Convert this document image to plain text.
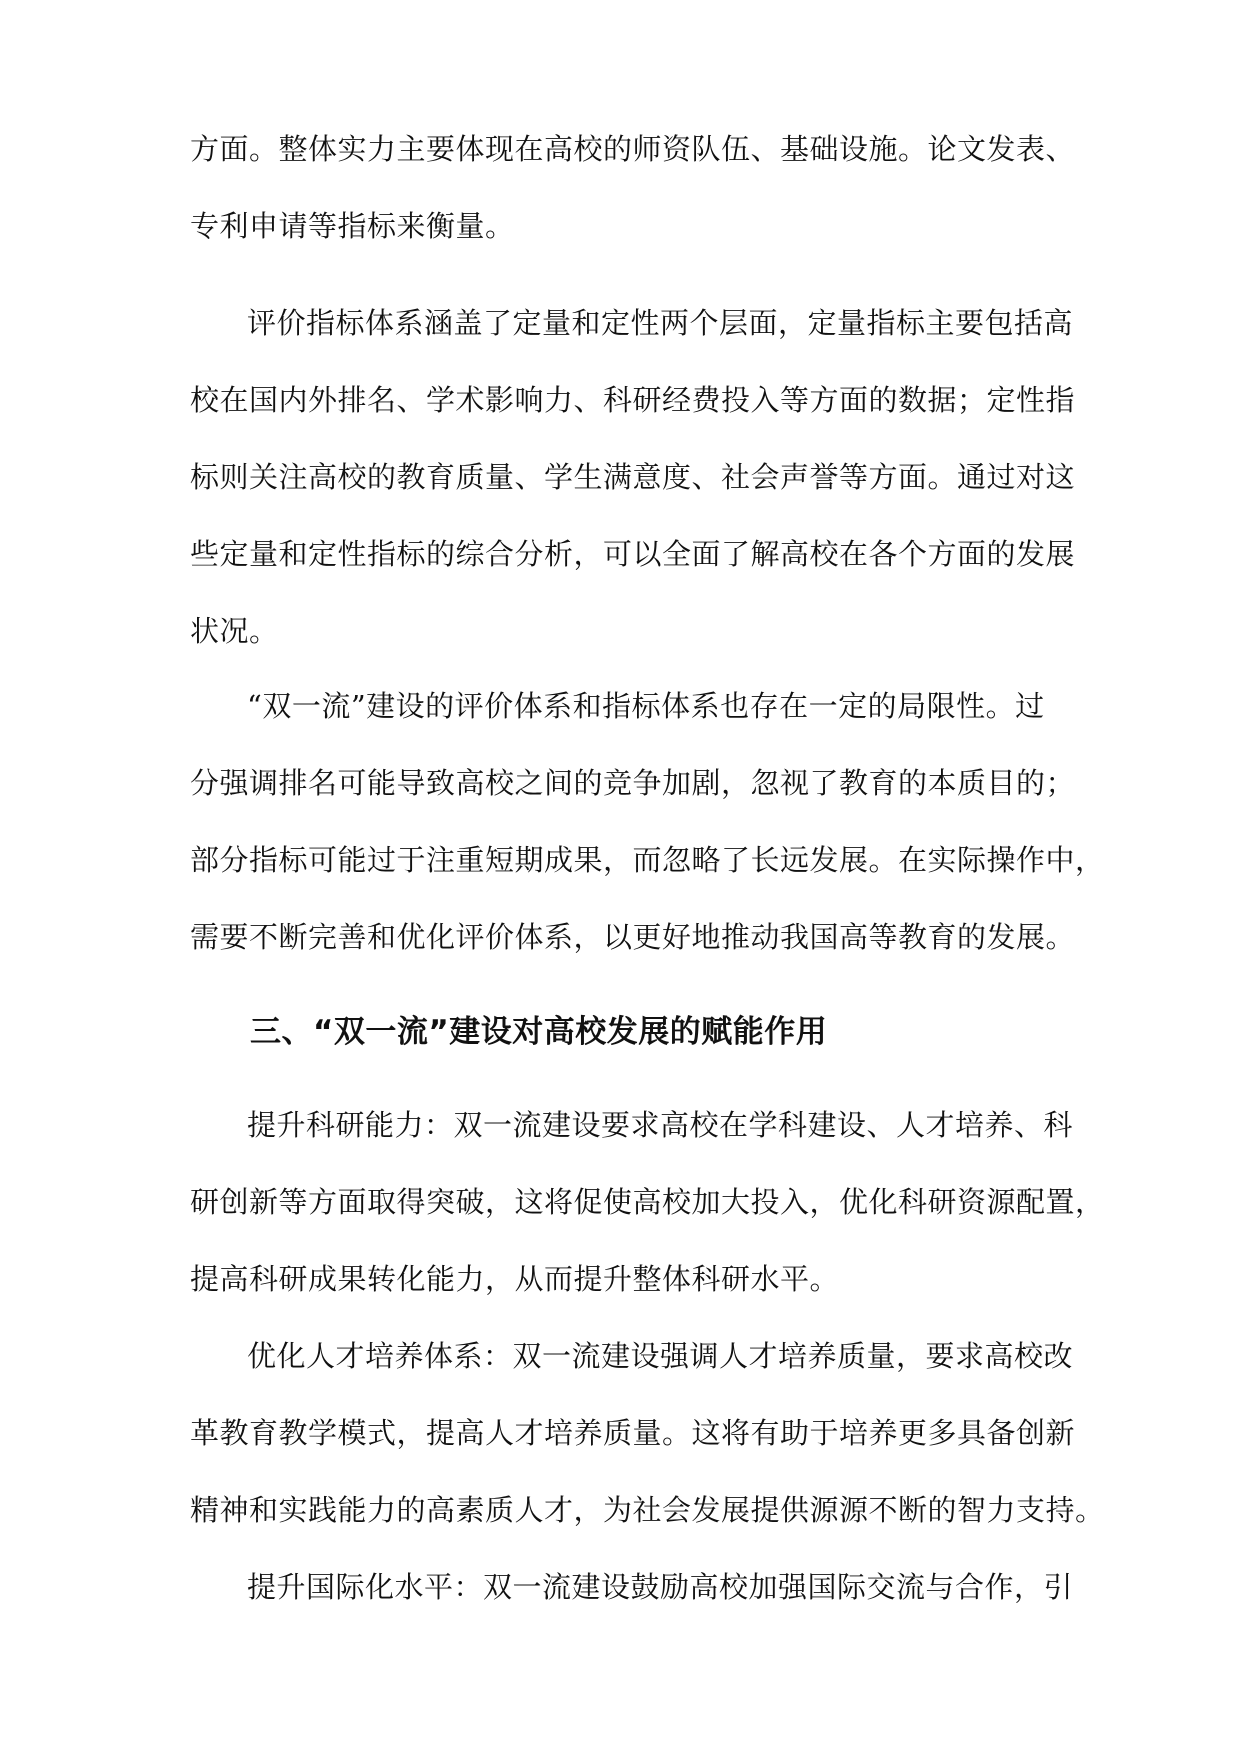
方面。整体实力主要体现在高校的师资队伍、基础设施。论文发表、
专利申请等指标来衡量。
评价指标体系涵盖了定量和定性两个层面，定量指标主要包括高
校在国内外排名、学术影响力、科研经费投入等方面的数据；定性指
标则关注高校的教育质量、学生满意度、社会声誉等方面。通过对这
些定量和定性指标的综合分析，可以全面了解高校在各个方面的发展
状况。
“双一流”建设的评价体系和指标体系也存在一定的局限性。过
分强调排名可能导致高校之间的竞争加剧，忽视了教育的本质目的；
部分指标可能过于注重短期成果，而忽略了长远发展。在实际操作中，
需要不断完善和优化评价体系，以更好地推动我国高等教育的发展。
三、“双一流”建设对高校发展的赋能作用
提升科研能力：双一流建设要求高校在学科建设、人才培养、科
研创新等方面取得突破，这将促使高校加大投入，优化科研资源配置，
提高科研成果转化能力，从而提升整体科研水平。
优化人才培养体系：双一流建设强调人才培养质量，要求高校改
革教育教学模式，提高人才培养质量。这将有助于培养更多具备创新
精神和实践能力的高素质人才，为社会发展提供源源不断的智力支持。
提升国际化水平：双一流建设鼓励高校加强国际交流与合作，引
